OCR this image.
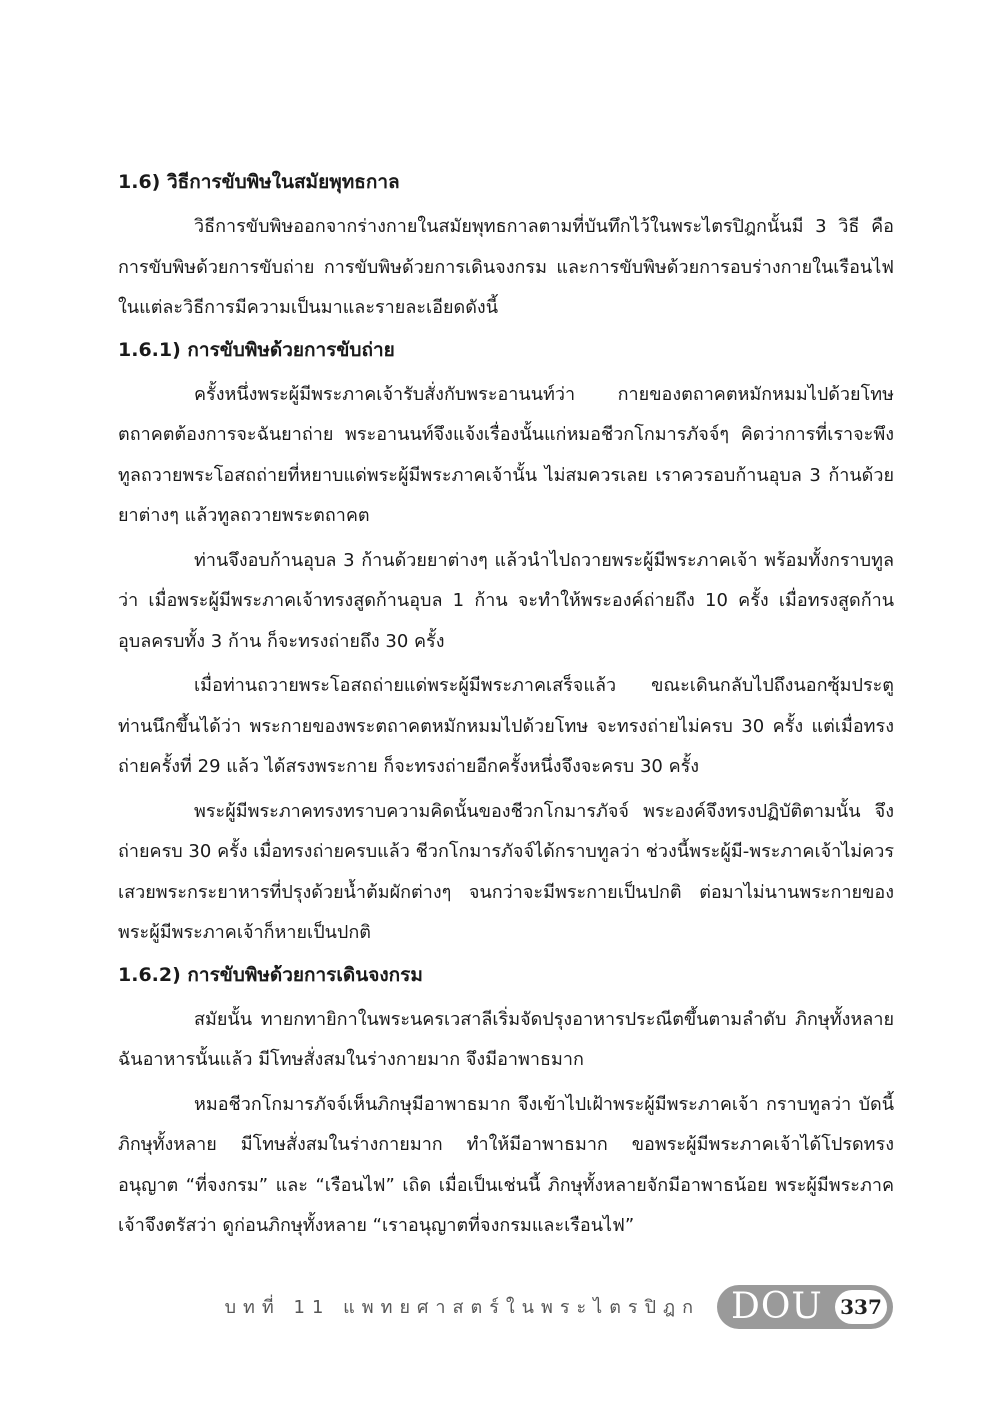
1.6) วิธีการขับพิษในสมัยพุทธกาล

วิธีการขับพิษออกจากร่างกายในสมัยพุทธกาลตามที่บันทึกไว้ในพระไตรปิฎกนั้นมี 3 วิธี คือ การขับพิษด้วยการขับถ่าย การขับพิษด้วยการเดินจงกรม และการขับพิษด้วยการอบร่างกายในเรือนไฟ ในแต่ละวิธีการมีความเป็นมาและรายละเอียดดังนี้

1.6.1) การขับพิษด้วยการขับถ่าย

ครั้งหนึ่งพระผู้มีพระภาคเจ้ารับสั่งกับพระอานนท์ว่า กายของตถาคตหมักหมมไปด้วยโทษ ตถาคตต้องการจะฉันยาถ่าย พระอานนท์จึงแจ้งเรื่องนั้นแก่หมอชีวกโกมารภัจจ์ๆ คิดว่าการที่เราจะพึงทูลถวายพระโอสถถ่ายที่หยาบแด่พระผู้มีพระภาคเจ้านั้น ไม่สมควรเลย เราควรอบก้านอุบล 3 ก้านด้วยยาต่างๆ แล้วทูลถวายพระตถาคต

ท่านจึงอบก้านอุบล 3 ก้านด้วยยาต่างๆ แล้วนำไปถวายพระผู้มีพระภาคเจ้า พร้อมทั้งกราบทูลว่า เมื่อพระผู้มีพระภาคเจ้าทรงสูดก้านอุบล 1 ก้าน จะทำให้พระองค์ถ่ายถึง 10 ครั้ง เมื่อทรงสูดก้านอุบลครบทั้ง 3 ก้าน ก็จะทรงถ่ายถึง 30 ครั้ง

เมื่อท่านถวายพระโอสถถ่ายแด่พระผู้มีพระภาคเสร็จแล้ว ขณะเดินกลับไปถึงนอกซุ้มประตูท่านนึกขึ้นได้ว่า พระกายของพระตถาคตหมักหมมไปด้วยโทษ จะทรงถ่ายไม่ครบ 30 ครั้ง แต่เมื่อทรงถ่ายครั้งที่ 29 แล้ว ได้สรงพระกาย ก็จะทรงถ่ายอีกครั้งหนึ่งจึงจะครบ 30 ครั้ง

พระผู้มีพระภาคทรงทราบความคิดนั้นของชีวกโกมารภัจจ์ พระองค์จึงทรงปฏิบัติตามนั้น จึงถ่ายครบ 30 ครั้ง เมื่อทรงถ่ายครบแล้ว ชีวกโกมารภัจจ์ได้กราบทูลว่า ช่วงนี้พระผู้มี-พระภาคเจ้าไม่ควรเสวยพระกระยาหารที่ปรุงด้วยน้ำต้มผักต่างๆ จนกว่าจะมีพระกายเป็นปกติ ต่อมาไม่นานพระกายของพระผู้มีพระภาคเจ้าก็หายเป็นปกติ

1.6.2) การขับพิษด้วยการเดินจงกรม

สมัยนั้น ทายกทายิกาในพระนครเวสาลีเริ่มจัดปรุงอาหารประณีตขึ้นตามลำดับ ภิกษุทั้งหลายฉันอาหารนั้นแล้ว มีโทษสั่งสมในร่างกายมาก จึงมีอาพาธมาก

หมอชีวกโกมารภัจจ์เห็นภิกษุมีอาพาธมาก จึงเข้าไปเฝ้าพระผู้มีพระภาคเจ้า กราบทูลว่า บัดนี้ ภิกษุทั้งหลาย มีโทษสั่งสมในร่างกายมาก ทำให้มีอาพาธมาก ขอพระผู้มีพระภาคเจ้าได้โปรดทรงอนุญาต “ที่จงกรม” และ “เรือนไฟ” เถิด เมื่อเป็นเช่นนี้ ภิกษุทั้งหลายจักมีอาพาธน้อย พระผู้มีพระภาคเจ้าจึงตรัสว่า ดูก่อนภิกษุทั้งหลาย “เราอนุญาตที่จงกรมและเรือนไฟ”

บทที่ 11 แพทยศาสตร์ในพระไตรปิฎก DOU 337
